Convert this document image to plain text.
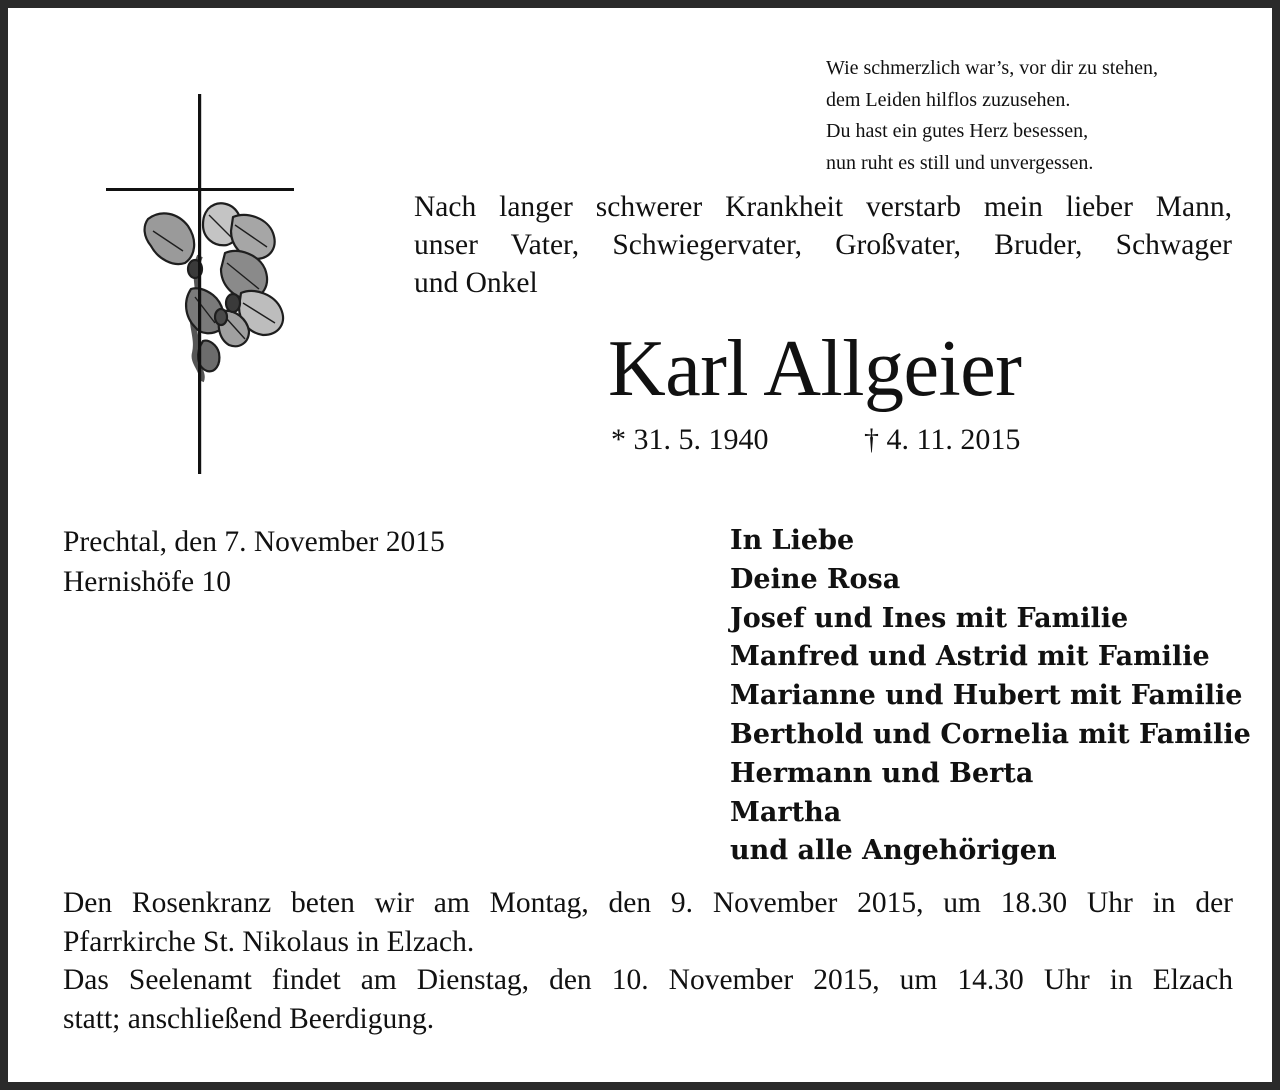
Wie schmerzlich war’s, vor dir zu stehen,
dem Leiden hilflos zuzusehen.
Du hast ein gutes Herz besessen,
nun ruht es still und unvergessen.
Nach langer schwerer Krankheit verstarb mein lieber Mann,
unser Vater, Schwiegervater, Großvater, Bruder, Schwager
und Onkel
Karl Allgeier
* 31. 5. 1940	† 4. 11. 2015
Prechtal, den 7. November 2015
Hernishöfe 10
In Liebe
Deine Rosa
Josef und Ines mit Familie
Manfred und Astrid mit Familie
Marianne und Hubert mit Familie
Berthold und Cornelia mit Familie
Hermann und Berta
Martha
und alle Angehörigen
Den Rosenkranz beten wir am Montag, den 9. November 2015, um 18.30 Uhr in der
Pfarrkirche St. Nikolaus in Elzach.
Das Seelenamt findet am Dienstag, den 10. November 2015, um 14.30 Uhr in Elzach
statt; anschließend Beerdigung.
